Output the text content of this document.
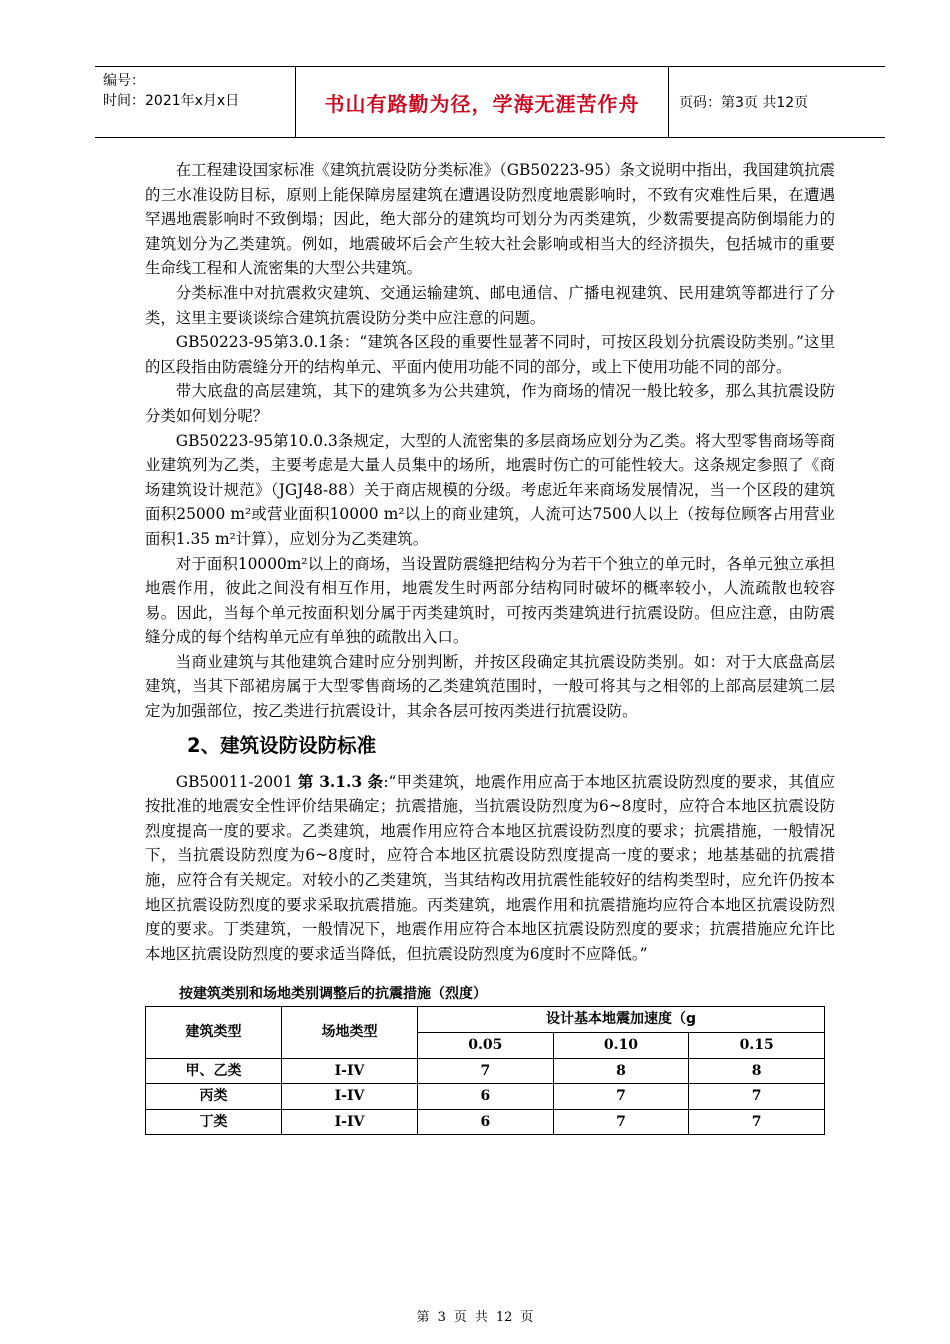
编号：
时间：2021年x月x日	书山有路勤为径，学海无涯苦作舟	页码：第3页 共12页

在工程建设国家标准《建筑抗震设防分类标准》（GB50223-95）条文说明中指出，我国建筑抗震的三水准设防目标，原则上能保障房屋建筑在遭遇设防烈度地震影响时，不致有灾难性后果，在遭遇罕遇地震影响时不致倒塌；因此，绝大部分的建筑均可划分为丙类建筑，少数需要提高防倒塌能力的建筑划分为乙类建筑。例如，地震破坏后会产生较大社会影响或相当大的经济损失，包括城市的重要生命线工程和人流密集的大型公共建筑。

分类标准中对抗震救灾建筑、交通运输建筑、邮电通信、广播电视建筑、民用建筑等都进行了分类，这里主要谈谈综合建筑抗震设防分类中应注意的问题。

GB50223-95第3.0.1条：“建筑各区段的重要性显著不同时，可按区段划分抗震设防类别。”这里的区段指由防震缝分开的结构单元、平面内使用功能不同的部分，或上下使用功能不同的部分。

带大底盘的高层建筑，其下的建筑多为公共建筑，作为商场的情况一般比较多，那么其抗震设防分类如何划分呢？

GB50223-95第10.0.3条规定，大型的人流密集的多层商场应划分为乙类。将大型零售商场等商业建筑列为乙类，主要考虑是大量人员集中的场所，地震时伤亡的可能性较大。这条规定参照了《商场建筑设计规范》（JGJ48-88）关于商店规模的分级。考虑近年来商场发展情况，当一个区段的建筑面积25000 m²或营业面积10000 m²以上的商业建筑，人流可达7500人以上（按每位顾客占用营业面积1.35 m²计算），应划分为乙类建筑。

对于面积10000m²以上的商场，当设置防震缝把结构分为若干个独立的单元时，各单元独立承担地震作用，彼此之间没有相互作用，地震发生时两部分结构同时破坏的概率较小，人流疏散也较容易。因此，当每个单元按面积划分属于丙类建筑时，可按丙类建筑进行抗震设防。但应注意，由防震缝分成的每个结构单元应有单独的疏散出入口。

当商业建筑与其他建筑合建时应分别判断，并按区段确定其抗震设防类别。如：对于大底盘高层建筑，当其下部裙房属于大型零售商场的乙类建筑范围时，一般可将其与之相邻的上部高层建筑二层定为加强部位，按乙类进行抗震设计，其余各层可按丙类进行抗震设防。

2、建筑设防设防标准

GB50011-2001 第 3.1.3 条:“甲类建筑，地震作用应高于本地区抗震设防烈度的要求，其值应按批准的地震安全性评价结果确定；抗震措施，当抗震设防烈度为6~8度时，应符合本地区抗震设防烈度提高一度的要求。乙类建筑，地震作用应符合本地区抗震设防烈度的要求；抗震措施，一般情况下，当抗震设防烈度为6~8度时，应符合本地区抗震设防烈度提高一度的要求；地基基础的抗震措施，应符合有关规定。对较小的乙类建筑，当其结构改用抗震性能较好的结构类型时，应允许仍按本地区抗震设防烈度的要求采取抗震措施。丙类建筑，地震作用和抗震措施均应符合本地区抗震设防烈度的要求。丁类建筑，一般情况下，地震作用应符合本地区抗震设防烈度的要求；抗震措施应允许比本地区抗震设防烈度的要求适当降低，但抗震设防烈度为6度时不应降低。”

按建筑类别和场地类别调整后的抗震措施（烈度）
建筑类型	场地类型	设计基本地震加速度（g		
		0.05	0.10	0.15
甲、乙类	I-IV	7	8	8
丙类	I-IV	6	7	7
丁类	I-IV	6	7	7
第 3 页 共 12 页
